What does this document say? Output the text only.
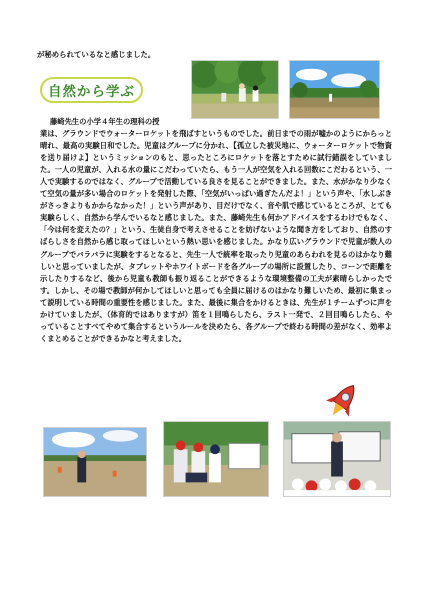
が秘められているなと感じました。
自然から学ぶ

藤崎先生の小学４年生の理科の授
業は、グラウンドでウォーターロケットを飛ばすというものでした。前日までの雨が嘘かのようにからっと晴れ、最高の実験日和でした。児童はグループに分かれ、【孤立した被災地に、ウォーターロケットで物資を送り届けよ】というミッションのもと、思ったところにロケットを落とすために試行錯誤をしていました。一人の児童が、入れる水の量にこだわっていたら、もう一人が空気を入れる回数にこだわるという、一人で実験するのではなく、グループで活動している良さを見ることができました。また、水がかなり少なくて空気の量が多い場合のロケットを発射した際、「空気がいっぱい過ぎたんだよ！」という声や、「水しぶきがさっきよりもかからなかった！」という声があり、目だけでなく、音や肌で感じているところが、とても実験らしく、自然から学んでいるなと感じました。また、藤崎先生も何かアドバイスをするわけでもなく、「今は何を変えたの？」という、生徒自身で考えさせることを妨げないような聞き方をしており、自然のすばらしさを自然から感じ取ってほしいという熱い思いを感じました。かなり広いグラウンドで児童が数人のグループでバラバラに実験をするとなると、先生一人で統率を取ったり児童のあらわれを見るのはかなり難しいと思っていましたが、タブレットやホワイトボードを各グループの場所に設置したり、コーンで距離を示したりするなど、後から児童も教師も振り返ることができるような環境整備の工夫が素晴らしかったです。しかし、その場で教師が何かしてほしいと思っても全員に届けるのはかなり難しいため、最初に集まって説明している時間の重要性を感じました。また、最後に集合をかけるときは、先生が１チームずつに声をかけていましたが、（体育的ではありますが）笛を１回鳴らしたら、ラスト一発で、２回目鳴らしたら、やっていることすべてやめて集合するというルールを決めたら、各グループで終わる時間の差がなく、効率よくまとめることができるかなと考えました。
